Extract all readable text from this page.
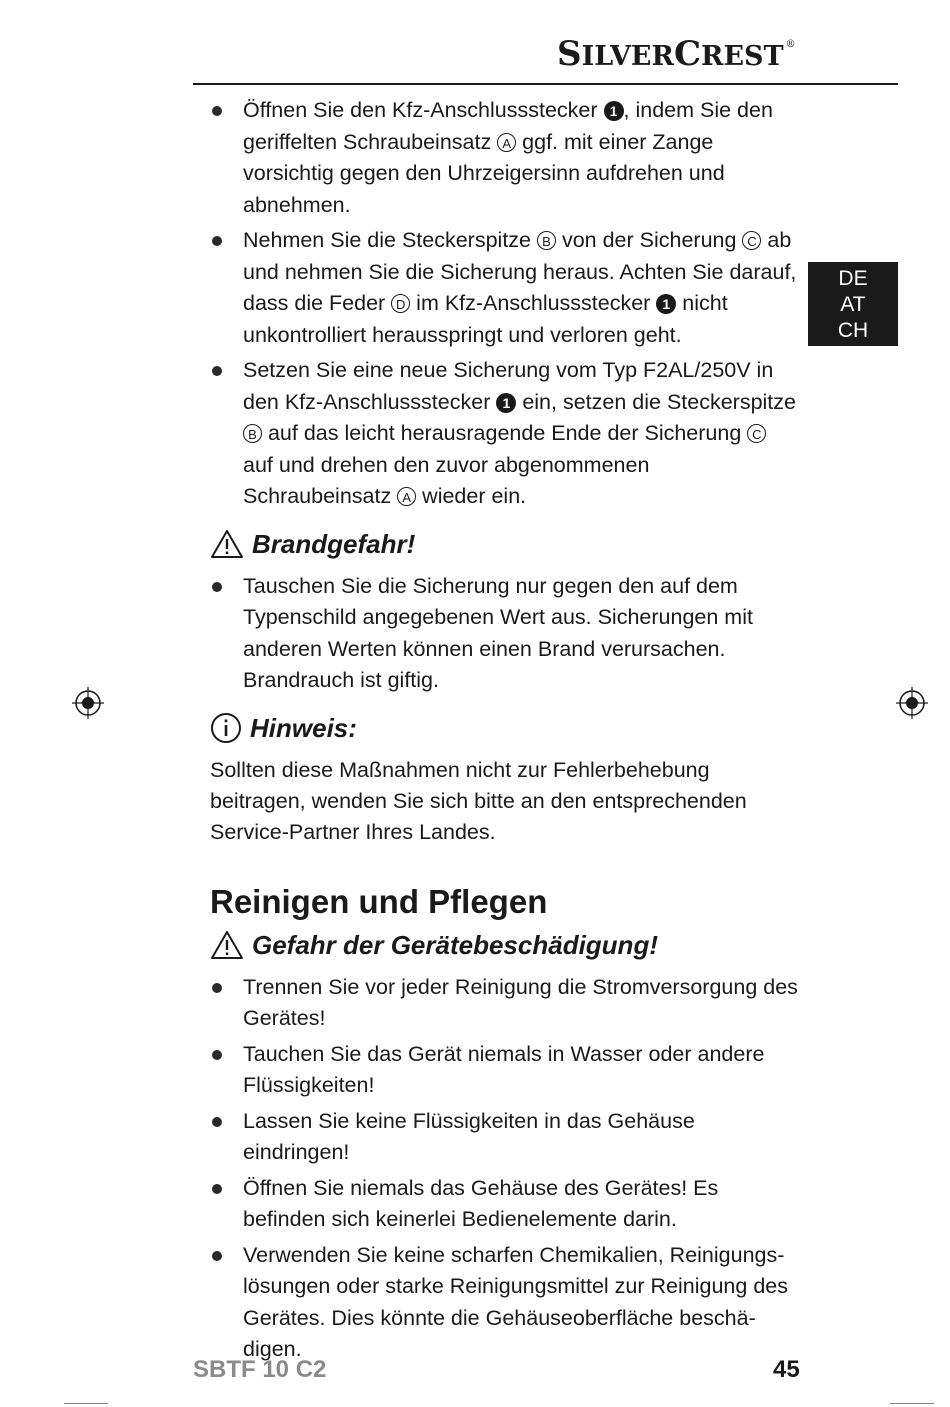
SILVERCREST ®
DE
AT
CH
Öffnen Sie den Kfz-Anschlussstecker 1 , indem Sie den geriffelten Schraubeinsatz A ggf. mit einer Zange vorsichtig gegen den Uhrzeigersinn aufdrehen und abnehmen.
Nehmen Sie die Steckerspitze B von der Sicherung C ab und nehmen Sie die Sicherung heraus. Achten Sie darauf, dass die Feder D im Kfz-Anschlussstecker 1 nicht unkontrolliert herausspringt und verloren geht.
Setzen Sie eine neue Sicherung vom Typ F2AL/250V in den Kfz-Anschlussstecker 1 ein, setzen die Steckerspitze B auf das leicht herausragende Ende der Sicherung C auf und drehen den zuvor abgenommenen Schraubeinsatz A wieder ein.
Brandgefahr!
Tauschen Sie die Sicherung nur gegen den auf dem Typenschild angegebenen Wert aus. Sicherungen mit anderen Werten können einen Brand verursachen. Brandrauch ist giftig.
Hinweis:

Sollten diese Maßnahmen nicht zur Fehlerbehebung beitragen, wenden Sie sich bitte an den entsprechenden Service-Partner Ihres Landes.

Reinigen und Pflegen
Gefahr der Gerätebeschädigung!
Trennen Sie vor jeder Reinigung die Stromversorgung des Gerätes!
Tauchen Sie das Gerät niemals in Wasser oder andere Flüssigkeiten!
Lassen Sie keine Flüssigkeiten in das Gehäuse eindringen!
Öffnen Sie niemals das Gehäuse des Gerätes! Es befinden sich keinerlei Bedienelemente darin.
Verwenden Sie keine scharfen Chemikalien, Reinigungslösungen oder starke Reinigungsmittel zur Reinigung des Gerätes. Dies könnte die Gehäuseoberfläche beschädigen.
SBTF 10 C2	45
